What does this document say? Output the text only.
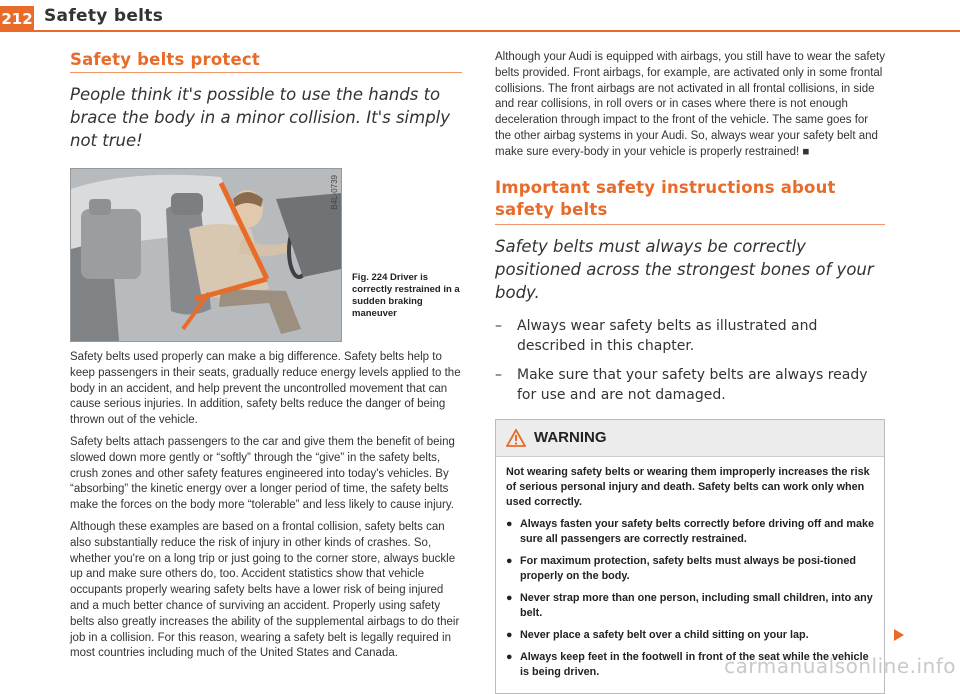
212 Safety belts
Safety belts protect

People think it's possible to use the hands to brace the body in a minor collision. It's simply not true!

B4L-0739
Fig. 224 Driver is correctly restrained in a sudden braking maneuver

Safety belts used properly can make a big difference. Safety belts help to keep passengers in their seats, gradually reduce energy levels applied to the body in an accident, and help prevent the uncontrolled movement that can cause serious injuries. In addition, safety belts reduce the danger of being thrown out of the vehicle.

Safety belts attach passengers to the car and give them the benefit of being slowed down more gently or “softly” through the “give” in the safety belts, crush zones and other safety features engineered into today's vehicles. By “absorbing” the kinetic energy over a longer period of time, the safety belts make the forces on the body more “tolerable” and less likely to cause injury.

Although these examples are based on a frontal collision, safety belts can also substantially reduce the risk of injury in other kinds of crashes. So, whether you're on a long trip or just going to the corner store, always buckle up and make sure others do, too. Accident statistics show that vehicle occupants properly wearing safety belts have a lower risk of being injured and a much better chance of surviving an accident. Properly using safety belts also greatly increases the ability of the supplemental airbags to do their job in a collision. For this reason, wearing a safety belt is legally required in most countries including much of the United States and Canada.

Although your Audi is equipped with airbags, you still have to wear the safety belts provided. Front airbags, for example, are activated only in some frontal collisions. The front airbags are not activated in all frontal collisions, in side and rear collisions, in roll overs or in cases where there is not enough deceleration through impact to the front of the vehicle. The same goes for the other airbag systems in your Audi. So, always wear your safety belt and make sure every-body in your vehicle is properly restrained! ■

Important safety instructions about safety belts

Safety belts must always be correctly positioned across the strongest bones of your body.

– Always wear safety belts as illustrated and described in this chapter.
– Make sure that your safety belts are always ready for use and are not damaged.
WARNING

Not wearing safety belts or wearing them improperly increases the risk of serious personal injury and death. Safety belts can work only when used correctly.

● Always fasten your safety belts correctly before driving off and make sure all passengers are correctly restrained.
● For maximum protection, safety belts must always be posi-tioned properly on the body.
● Never strap more than one person, including small children, into any belt.
● Never place a safety belt over a child sitting on your lap.
● Always keep feet in the footwell in front of the seat while the vehicle is being driven.	carmanualsonline.info
